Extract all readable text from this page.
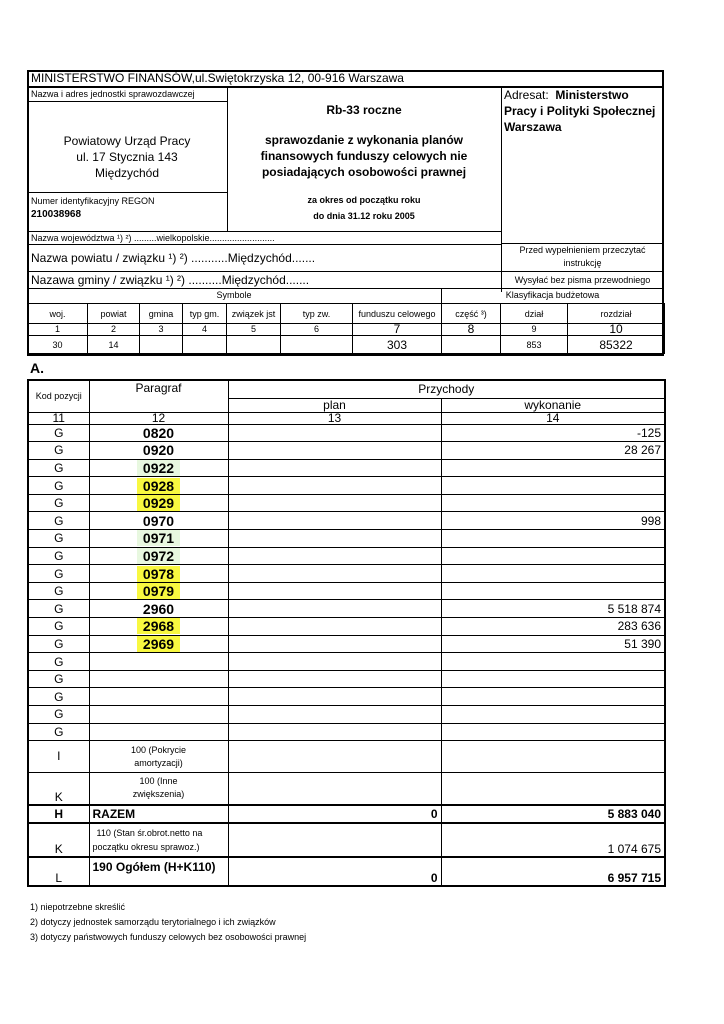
MINISTERSTWO FINANSÓW,ul.Swiętokrzyska 12, 00-916 Warszawa
Nazwa i adres jednostki sprawozdawczej
Powiatowy Urząd Pracy
ul. 17 Stycznia 143
Międzychód
Numer identyfikacyjny REGON
210038968
Rb-33 roczne
sprawozdanie z wykonania planów
finansowych funduszy celowych nie
posiadających osobowości prawnej
za okres od początku roku
do dnia 31.12 roku 2005
Adresat: Ministerstwo
Pracy i Polityki Społecznej
Warszawa
Nazwa województwa ¹) ²) .........wielkopolskie..........................
Nazwa powiatu / związku ¹) ²) ...........Międzychód.......
Nazawa gminy / związku ¹) ²) ..........Międzychód.......
Przed wypełnieniem przeczytać
instrukcję
Wysyłać bez pisma przewodniego
Symbole	Klasyfikacja budżetowa
woj.	powiat	gmina	typ gm.	związek jst	typ zw.	funduszu celowego	część ³)	dział	rozdział
1	2	3	4	5	6	7	8	9	10
30	14					303		853	85322
A.
Kod pozycji	Paragraf	Przychody	
		plan	wykonanie
11	12	13	14
G	0820		-125
G	0920		28 267
G	0922		
G	0928		
G	0929		
G	0970		998
G	0971		
G	0972		
G	0978		
G	0979		
G	2960		5 518 874
G	2968		283 636
G	2969		51 390
G			
G			
G			
G			
G			
I	100 (Pokrycie
amortyzacji)		
K	100 (Inne
zwiększenia)		
H	RAZEM	0	5 883 040
K	110 (Stan śr.obrot.netto na
początku okresu sprawoz.)		1 074 675
L	190 Ogółem (H+K110)	0	6 957 715
1) niepotrzebne skreślić
2) dotyczy jednostek samorządu terytorialnego i ich związków
3) dotyczy państwowych funduszy celowych bez osobowości prawnej
